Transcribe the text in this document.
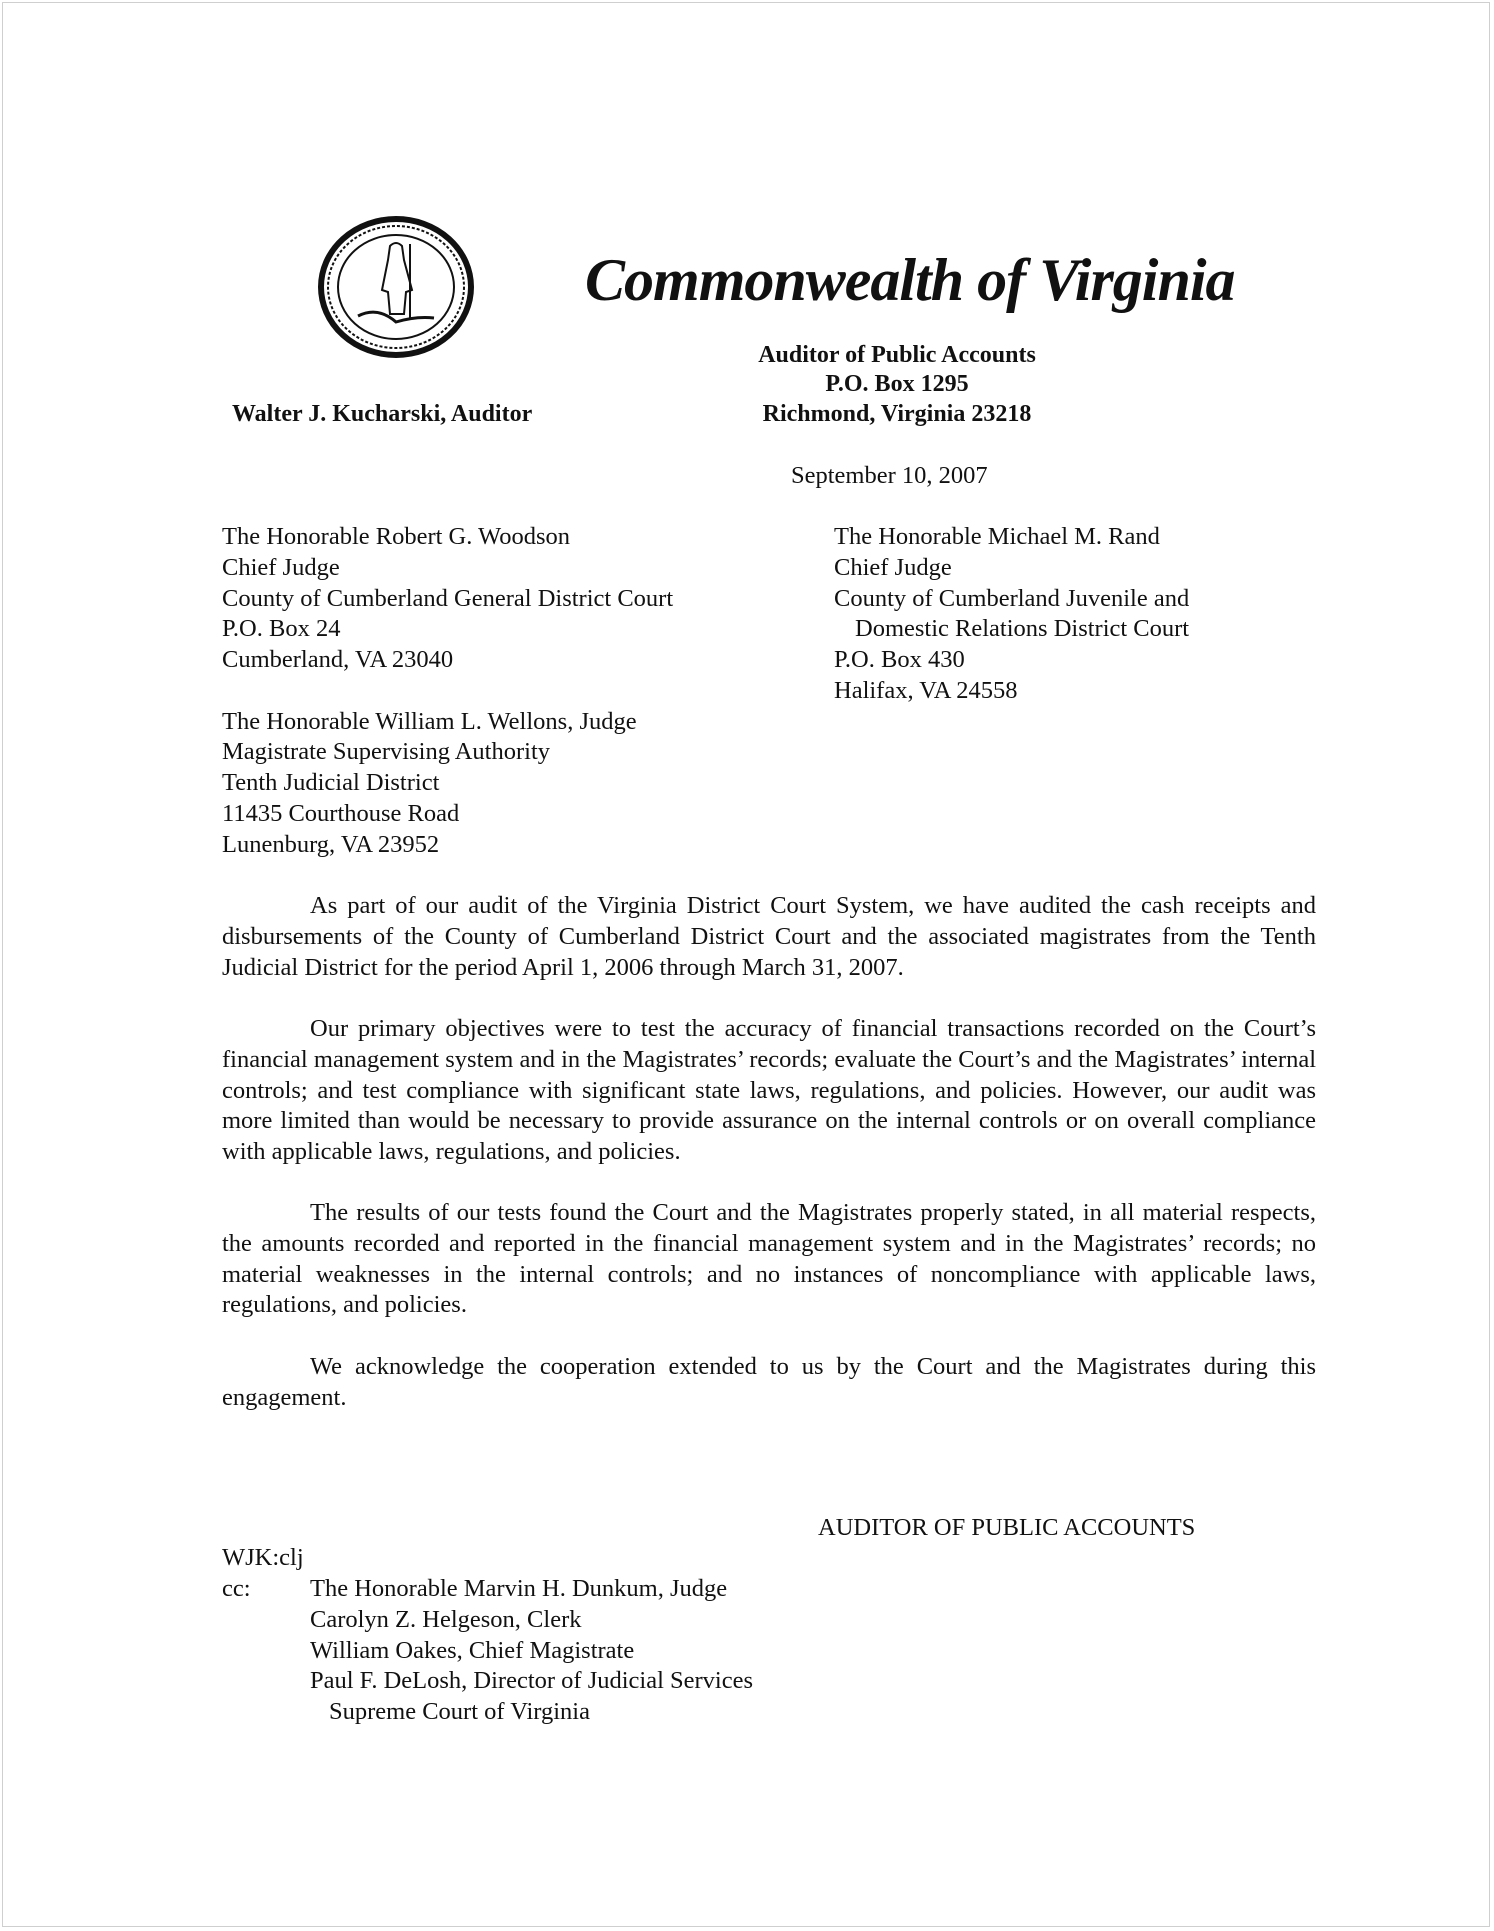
Commonwealth of Virginia
Auditor of Public Accounts
P.O. Box 1295
Richmond, Virginia 23218
Walter J. Kucharski, Auditor
September 10, 2007
The Honorable Robert G. Woodson
Chief Judge
County of Cumberland General District Court
P.O. Box 24
Cumberland, VA 23040
The Honorable Michael M. Rand
Chief Judge
County of Cumberland Juvenile and
Domestic Relations District Court
P.O. Box 430
Halifax, VA 24558
The Honorable William L. Wellons, Judge
Magistrate Supervising Authority
Tenth Judicial District
11435 Courthouse Road
Lunenburg, VA 23952
As part of our audit of the Virginia District Court System, we have audited the cash receipts and disbursements of the County of Cumberland District Court and the associated magistrates from the Tenth Judicial District for the period April 1, 2006 through March 31, 2007.
Our primary objectives were to test the accuracy of financial transactions recorded on the Court’s financial management system and in the Magistrates’ records; evaluate the Court’s and the Magistrates’ internal controls; and test compliance with significant state laws, regulations, and policies. However, our audit was more limited than would be necessary to provide assurance on the internal controls or on overall compliance with applicable laws, regulations, and policies.
The results of our tests found the Court and the Magistrates properly stated, in all material respects, the amounts recorded and reported in the financial management system and in the Magistrates’ records; no material weaknesses in the internal controls; and no instances of noncompliance with applicable laws, regulations, and policies.
We acknowledge the cooperation extended to us by the Court and the Magistrates during this engagement.
AUDITOR OF PUBLIC ACCOUNTS
WJK:clj
cc: The Honorable Marvin H. Dunkum, Judge
Carolyn Z. Helgeson, Clerk
William Oakes, Chief Magistrate
Paul F. DeLosh, Director of Judicial Services
Supreme Court of Virginia
